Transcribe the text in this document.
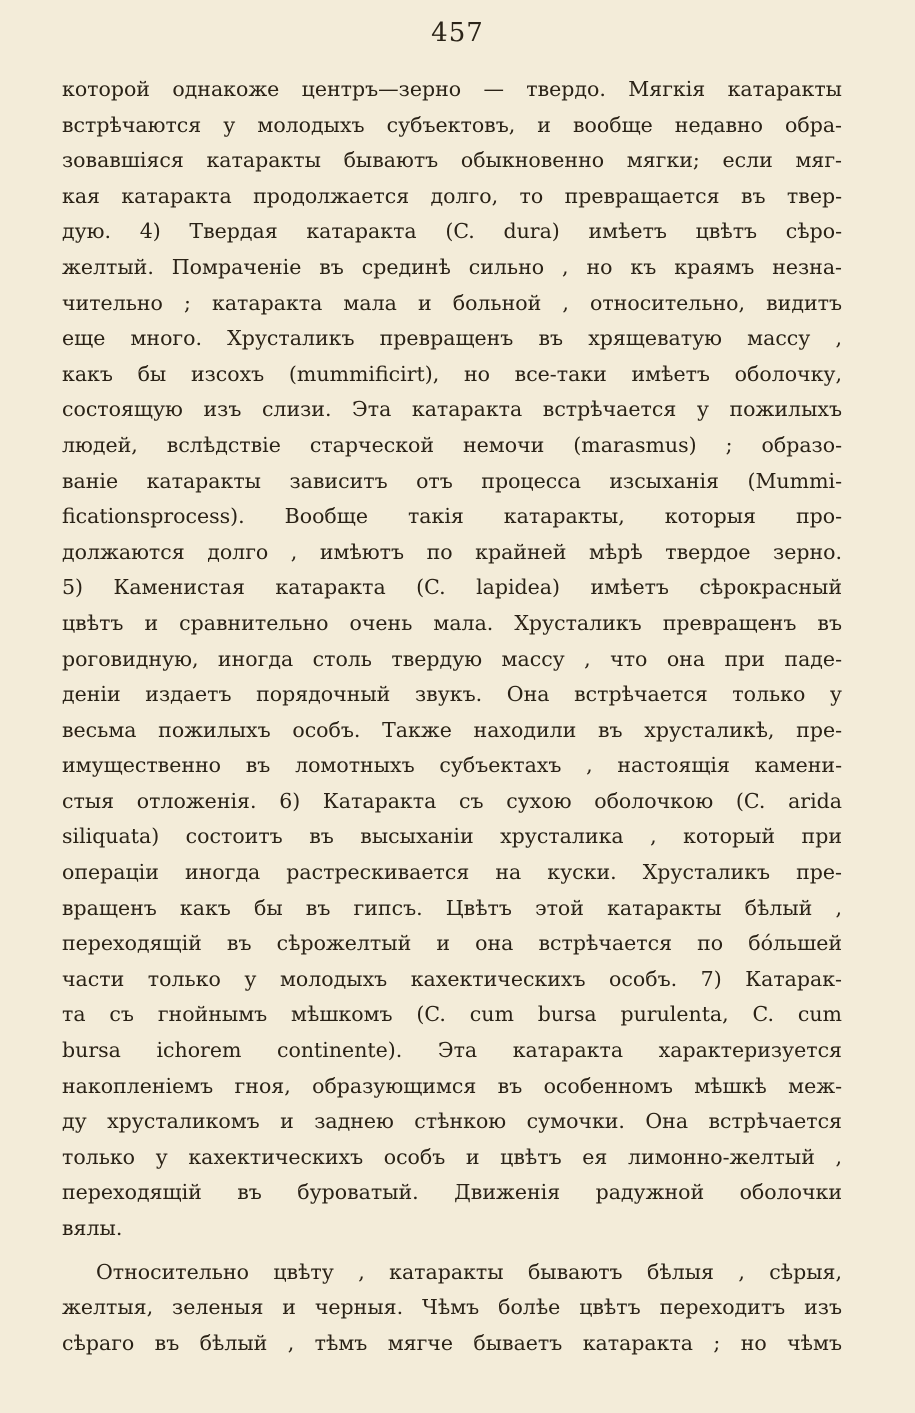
457
которой однакоже центръ—зерно — твердо. Мягкія катаракты
встрѣчаются у молодыхъ субъектовъ, и вообще недавно обра-
зовавшіяся катаракты бываютъ обыкновенно мягки; если мяг-
кая катаракта продолжается долго, то превращается въ твер-
дую. 4) Твердая катаракта (C. dura) имѣетъ цвѣтъ сѣро-
желтый. Помраченіе въ срединѣ сильно , но къ краямъ незна-
чительно ; катаракта мала и больной , относительно, видитъ
еще много. Хрусталикъ превращенъ въ хрящеватую массу ,
какъ бы изсохъ (mummificirt), но все-таки имѣетъ оболочку,
состоящую изъ слизи. Эта катаракта встрѣчается у пожилыхъ
людей, вслѣдствіе старческой немочи (marasmus) ; образо-
ваніе катаракты зависитъ отъ процесса изсыханія (Mummi-
ficationsprocess). Вообще такія катаракты, которыя про-
должаются долго , имѣютъ по крайней мѣрѣ твердое зерно.
5) Каменистая катаракта (C. lapidea) имѣетъ сѣрокрасный
цвѣтъ и сравнительно очень мала. Хрусталикъ превращенъ въ
роговидную, иногда столь твердую массу , что она при паде-
деніи издаетъ порядочный звукъ. Она встрѣчается только у
весьма пожилыхъ особъ. Также находили въ хрусталикѣ, пре-
имущественно въ ломотныхъ субъектахъ , настоящія камени-
стыя отложенія. 6) Катаракта съ сухою оболочкою (C. arida
siliquata) состоитъ въ высыханіи хрусталика , который при
операціи иногда растрескивается на куски. Хрусталикъ пре-
вращенъ какъ бы въ гипсъ. Цвѣтъ этой катаракты бѣлый ,
переходящій въ сѣрожелтый и она встрѣчается по бо́льшей
части только у молодыхъ кахектическихъ особъ. 7) Катарак-
та съ гнойнымъ мѣшкомъ (C. cum bursa purulenta, C. cum
bursa ichorem continente). Эта катаракта характеризуется
накопленіемъ гноя, образующимся въ особенномъ мѣшкѣ меж-
ду хрусталикомъ и заднею стѣнкою сумочки. Она встрѣчается
только у кахектическихъ особъ и цвѣтъ ея лимонно-желтый ,
переходящій въ буроватый. Движенія радужной оболочки
вялы.
Относительно цвѣту , катаракты бываютъ бѣлыя , сѣрыя,
желтыя, зеленыя и черныя. Чѣмъ болѣе цвѣтъ переходитъ изъ
сѣраго въ бѣлый , тѣмъ мягче бываетъ катаракта ; но чѣмъ
